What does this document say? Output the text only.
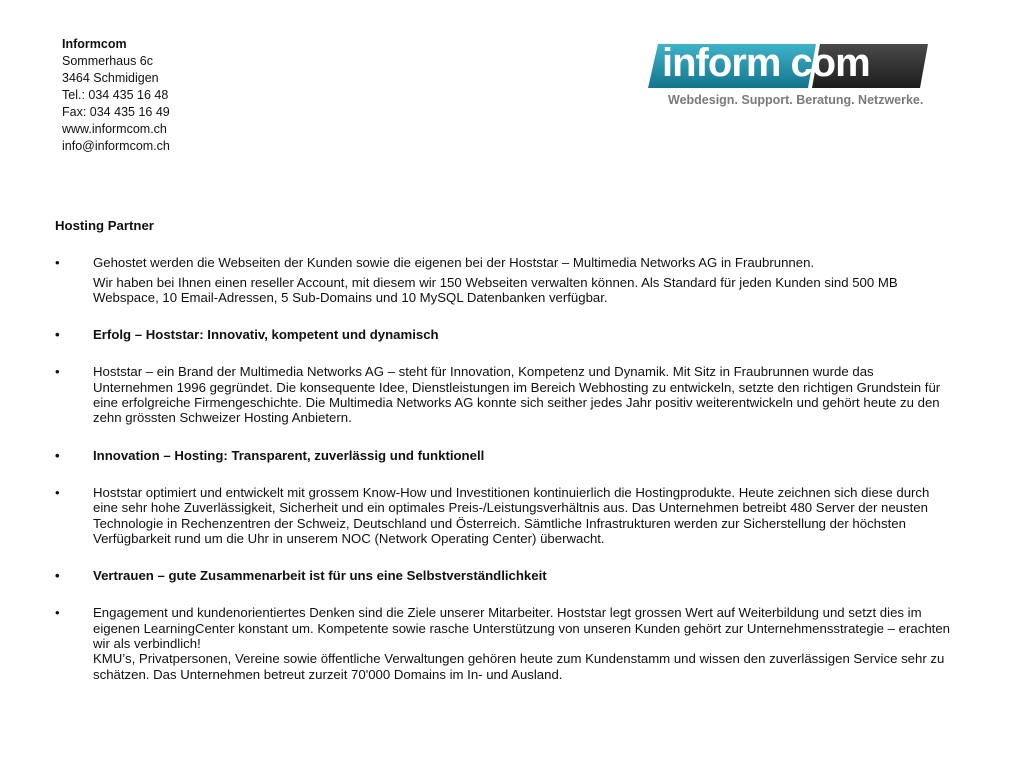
Informcom
Sommerhaus 6c
3464 Schmidigen
Tel.: 034 435 16 48
Fax: 034 435 16 49
www.informcom.ch
info@informcom.ch
inform com
Webdesign. Support. Beratung. Netzwerke.
Hosting Partner
•	Gehostet werden die Webseiten der Kunden sowie die eigenen bei der Hoststar – Multimedia Networks AG in Fraubrunnen.
Wir haben bei Ihnen einen reseller Account, mit diesem wir 150 Webseiten verwalten können. Als Standard für jeden Kunden sind 500 MB Webspace, 10 Email-Adressen, 5 Sub-Domains und 10 MySQL Datenbanken verfügbar.
•	Erfolg – Hoststar: Innovativ, kompetent und dynamisch
•	Hoststar – ein Brand der Multimedia Networks AG – steht für Innovation, Kompetenz und Dynamik. Mit Sitz in Fraubrunnen wurde das Unternehmen 1996 gegründet. Die konsequente Idee, Dienstleistungen im Bereich Webhosting zu entwickeln, setzte den richtigen Grundstein für eine erfolgreiche Firmengeschichte. Die Multimedia Networks AG konnte sich seither jedes Jahr positiv weiterentwickeln und gehört heute zu den zehn grössten Schweizer Hosting Anbietern.
•	Innovation – Hosting: Transparent, zuverlässig und funktionell
•	Hoststar optimiert und entwickelt mit grossem Know-How und Investitionen kontinuierlich die Hostingprodukte. Heute zeichnen sich diese durch eine sehr hohe Zuverlässigkeit, Sicherheit und ein optimales Preis-/Leistungsverhältnis aus. Das Unternehmen betreibt 480 Server der neusten Technologie in Rechenzentren der Schweiz, Deutschland und Österreich. Sämtliche Infrastrukturen werden zur Sicherstellung der höchsten Verfügbarkeit rund um die Uhr in unserem NOC (Network Operating Center) überwacht.
•	Vertrauen – gute Zusammenarbeit ist für uns eine Selbstverständlichkeit
•	Engagement und kundenorientiertes Denken sind die Ziele unserer Mitarbeiter. Hoststar legt grossen Wert auf Weiterbildung und setzt dies im eigenen LearningCenter konstant um. Kompetente sowie rasche Unterstützung von unseren Kunden gehört zur Unternehmensstrategie – erachten wir als verbindlich!
KMU’s, Privatpersonen, Vereine sowie öffentliche Verwaltungen gehören heute zum Kundenstamm und wissen den zuverlässigen Service sehr zu schätzen. Das Unternehmen betreut zurzeit 70'000 Domains im In- und Ausland.
